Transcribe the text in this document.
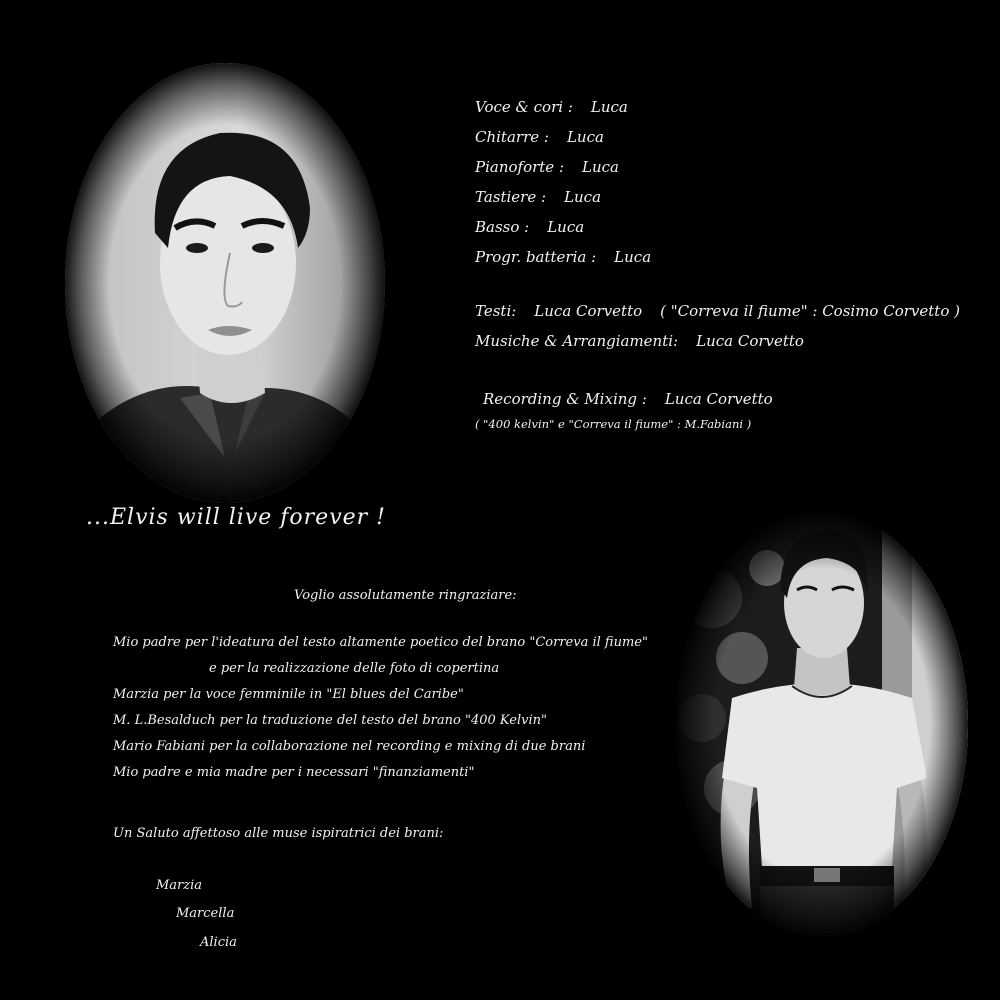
Voce & cori : Luca
Chitarre : Luca
Pianoforte : Luca
Tastiere : Luca
Basso : Luca
Progr. batteria : Luca
Testi: Luca Corvetto ( "Correva il fiume" : Cosimo Corvetto )
Musiche & Arrangiamenti: Luca Corvetto
Recording & Mixing : Luca Corvetto
( "400 kelvin" e "Correva il fiume" : M.Fabiani )
...Elvis will live forever !
Voglio assolutamente ringraziare:
Mio padre per l'ideatura del testo altamente poetico del brano "Correva il fiume"
e per la realizzazione delle foto di copertina
Marzia per la voce femminile in "El blues del Caribe"
M. L.Besalduch per la traduzione del testo del brano "400 Kelvin"
Mario Fabiani per la collaborazione nel recording e mixing di due brani
Mio padre e mia madre per i necessari "finanziamenti"
Un Saluto affettoso alle muse ispiratrici dei brani:
Marzia
Marcella
Alicia
